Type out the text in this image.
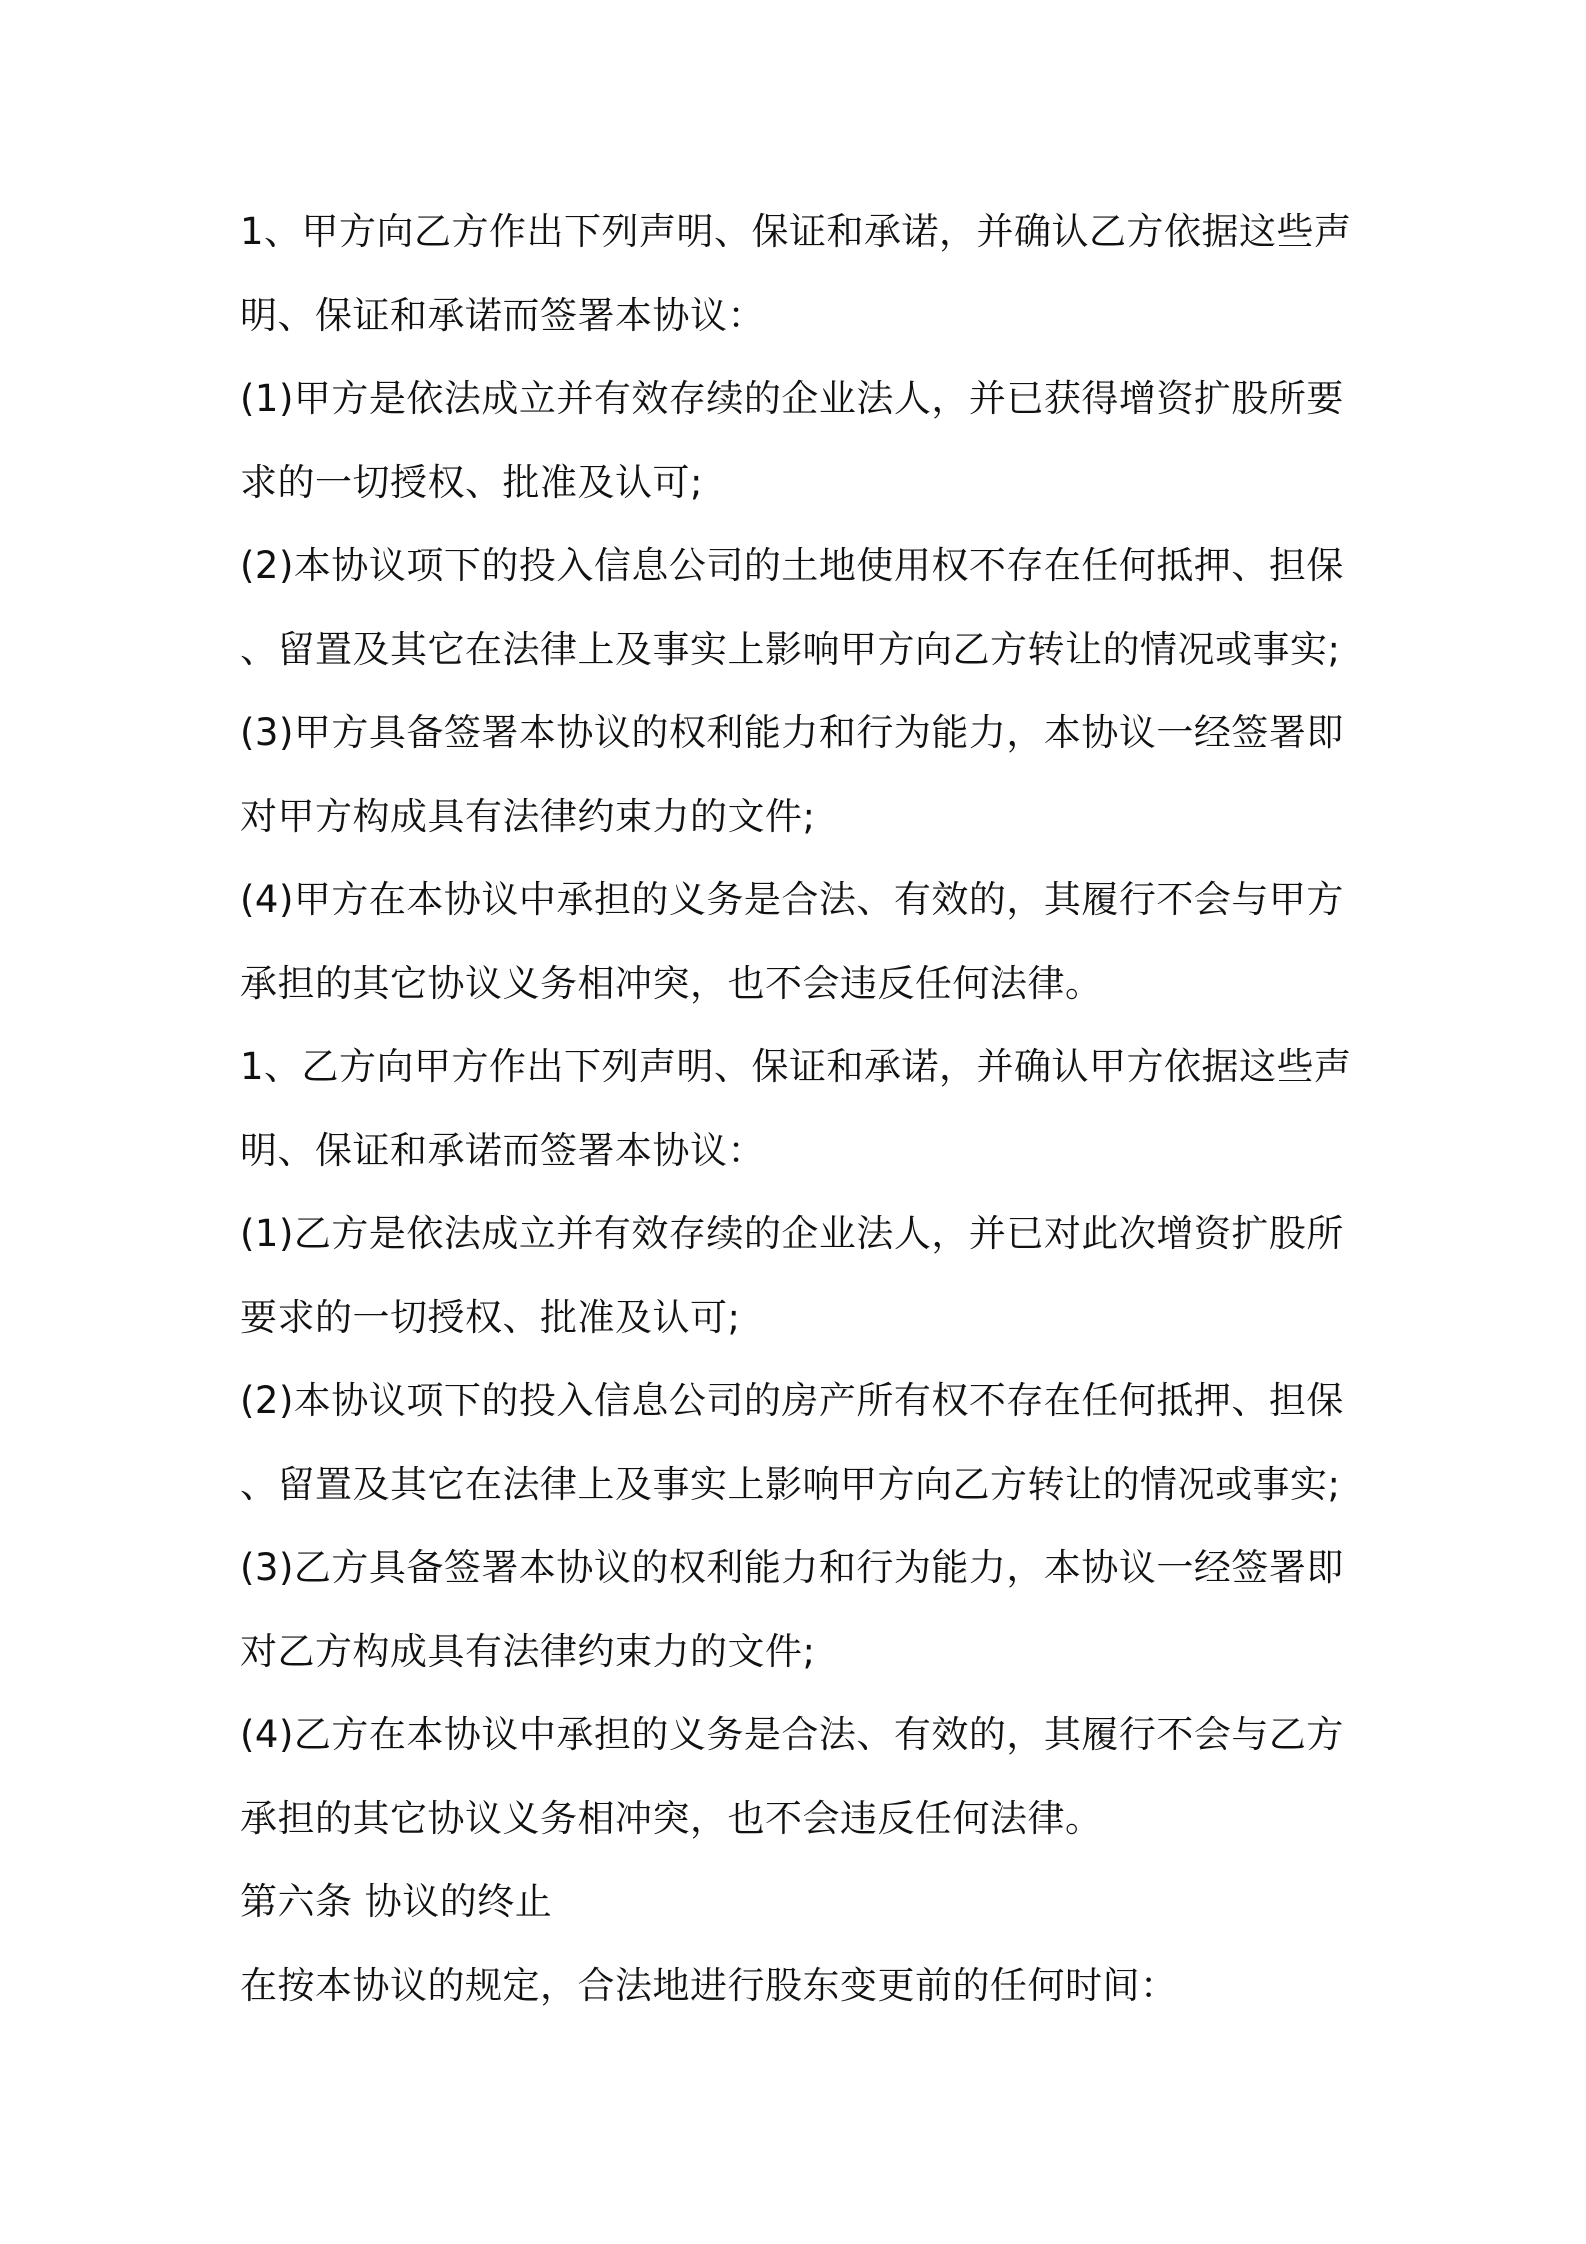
1、甲方向乙方作出下列声明、保证和承诺，并确认乙方依据这些声
明、保证和承诺而签署本协议：
(1)甲方是依法成立并有效存续的企业法人，并已获得增资扩股所要
求的一切授权、批准及认可;
(2)本协议项下的投入信息公司的土地使用权不存在任何抵押、担保
、留置及其它在法律上及事实上影响甲方向乙方转让的情况或事实;
(3)甲方具备签署本协议的权利能力和行为能力，本协议一经签署即
对甲方构成具有法律约束力的文件;
(4)甲方在本协议中承担的义务是合法、有效的，其履行不会与甲方
承担的其它协议义务相冲突，也不会违反任何法律。
1、乙方向甲方作出下列声明、保证和承诺，并确认甲方依据这些声
明、保证和承诺而签署本协议：
(1)乙方是依法成立并有效存续的企业法人，并已对此次增资扩股所
要求的一切授权、批准及认可;
(2)本协议项下的投入信息公司的房产所有权不存在任何抵押、担保
、留置及其它在法律上及事实上影响甲方向乙方转让的情况或事实;
(3)乙方具备签署本协议的权利能力和行为能力，本协议一经签署即
对乙方构成具有法律约束力的文件;
(4)乙方在本协议中承担的义务是合法、有效的，其履行不会与乙方
承担的其它协议义务相冲突，也不会违反任何法律。
第六条 协议的终止
在按本协议的规定，合法地进行股东变更前的任何时间：
